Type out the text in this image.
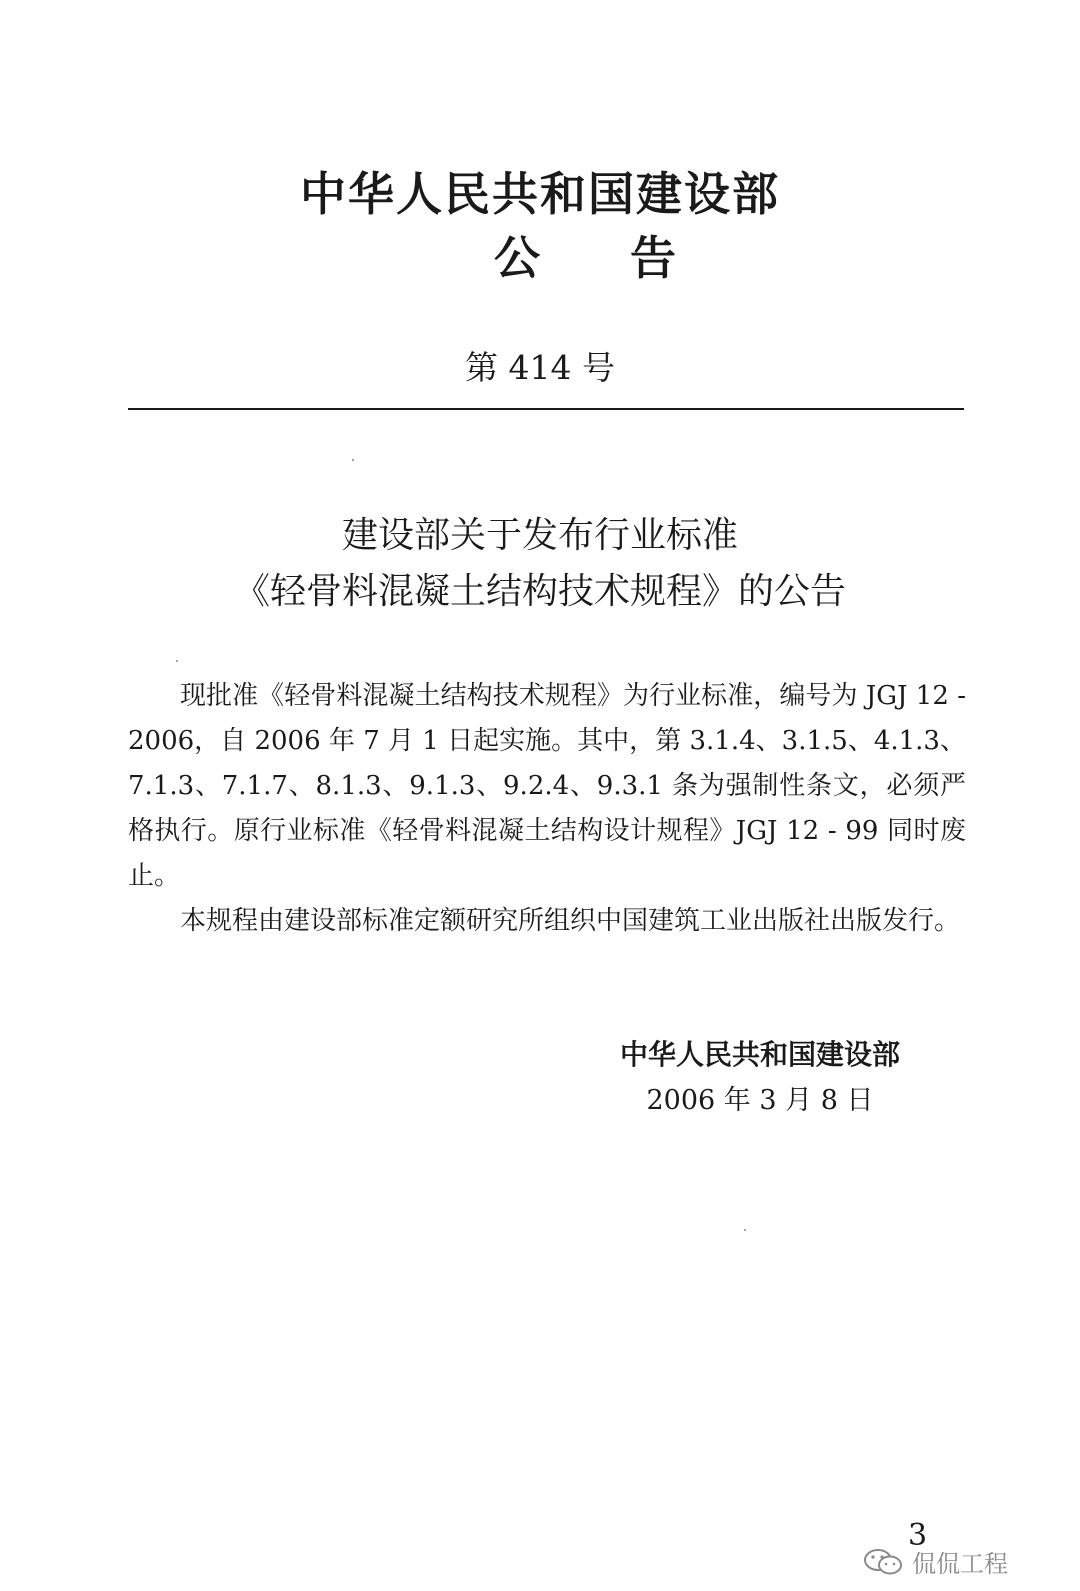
中华人民共和国建设部
公告
第 414 号
建设部关于发布行业标准
《轻骨料混凝土结构技术规程》的公告

现批准《轻骨料混凝土结构技术规程》为行业标准，编号为 JGJ 12 - 2006，自 2006 年 7 月 1 日起实施。其中，第 3.1.4、3.1.5、4.1.3、7.1.3、7.1.7、8.1.3、9.1.3、9.2.4、9.3.1 条为强制性条文，必须严格执行。原行业标准《轻骨料混凝土结构设计规程》JGJ 12 - 99 同时废止。

本规程由建设部标准定额研究所组织中国建筑工业出版社出版发行。

中华人民共和国建设部
2006 年 3 月 8 日
3
侃侃工程
